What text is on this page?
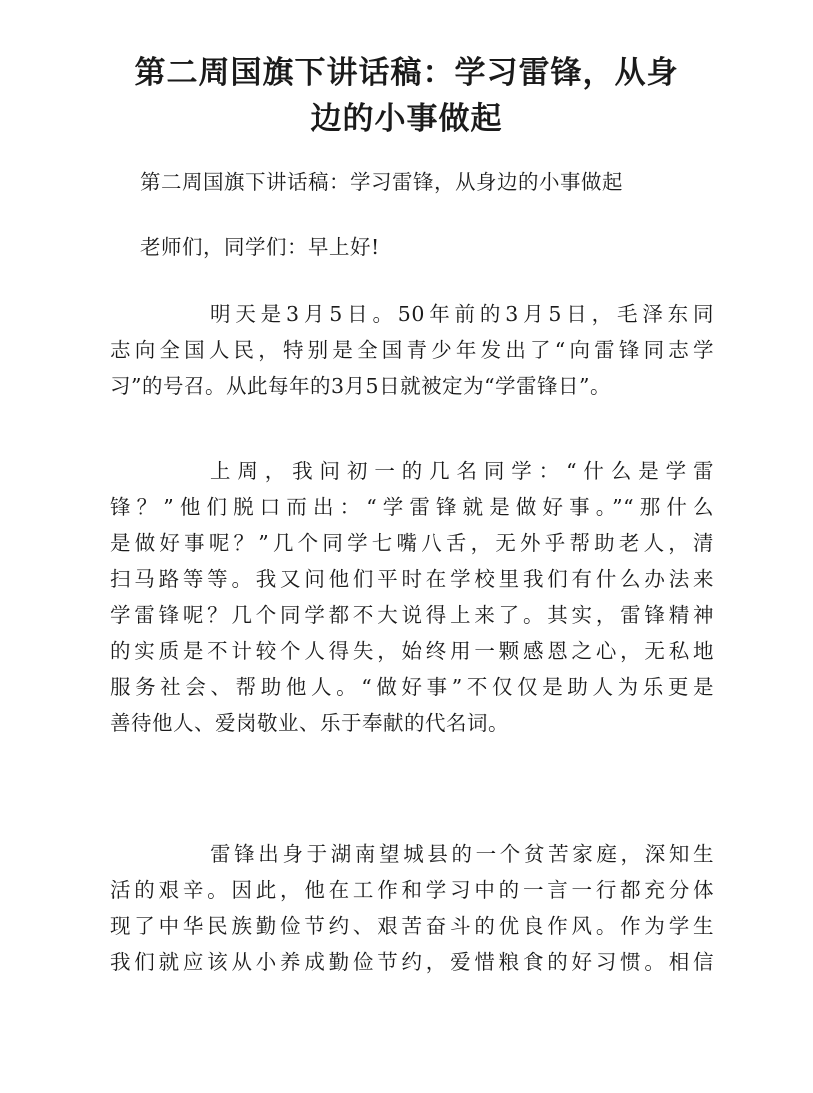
第二周国旗下讲话稿：学习雷锋，从身
边的小事做起
第二周国旗下讲话稿：学习雷锋，从身边的小事做起
老师们，同学们：早上好!

明天是3月5日。50年前的3月5日，毛泽东同
志向全国人民，特别是全国青少年发出了“向雷锋同志学
习”的号召。从此每年的3月5日就被定为“学雷锋日”。

上周，我问初一的几名同学：“什么是学雷
锋？”他们脱口而出：“学雷锋就是做好事。”“那什么
是做好事呢？”几个同学七嘴八舌，无外乎帮助老人，清
扫马路等等。我又问他们平时在学校里我们有什么办法来
学雷锋呢？几个同学都不大说得上来了。其实，雷锋精神
的实质是不计较个人得失，始终用一颗感恩之心，无私地
服务社会、帮助他人。“做好事”不仅仅是助人为乐更是
善待他人、爱岗敬业、乐于奉献的代名词。

雷锋出身于湖南望城县的一个贫苦家庭，深知生
活的艰辛。因此，他在工作和学习中的一言一行都充分体
现了中华民族勤俭节约、艰苦奋斗的优良作风。作为学生
我们就应该从小养成勤俭节约，爱惜粮食的好习惯。相信
